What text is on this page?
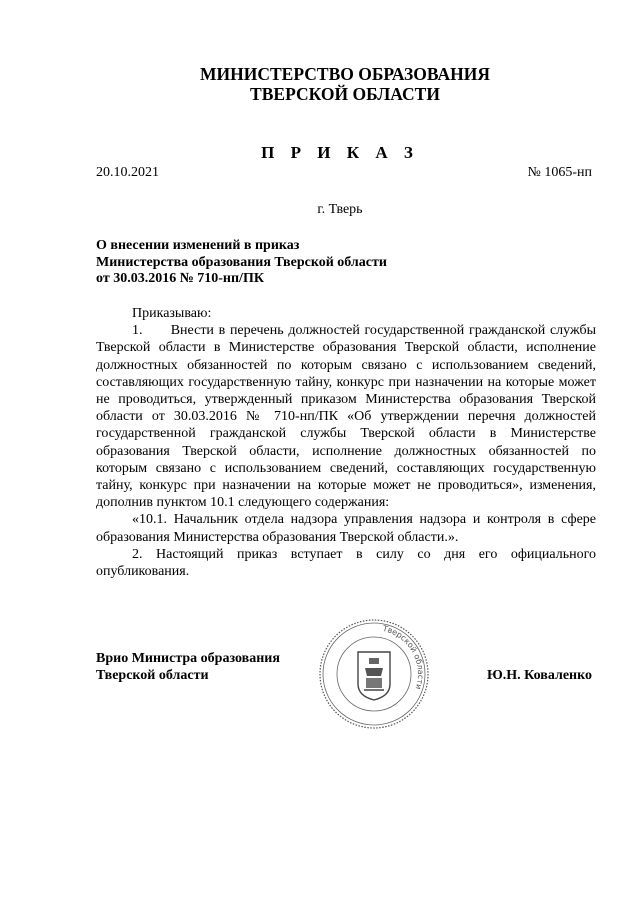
МИНИСТЕРСТВО ОБРАЗОВАНИЯ
ТВЕРСКОЙ ОБЛАСТИ
П Р И К А З
20.10.2021	№ 1065-нп
г. Тверь
О внесении изменений в приказ
Министерства образования Тверской области
от 30.03.2016 № 710-нп/ПК

Приказываю:

1.      Внести в перечень должностей государственной гражданской службы Тверской области в Министерстве образования Тверской области, исполнение должностных обязанностей по которым связано с использованием сведений, составляющих государственную тайну, конкурс при назначении на которые может не проводиться, утвержденный приказом Министерства образования Тверской области от 30.03.2016 № 710-нп/ПК «Об утверждении перечня должностей государственной гражданской службы Тверской области в Министерстве образования Тверской области, исполнение должностных обязанностей по которым связано с использованием сведений, составляющих государственную тайну, конкурс при назначении на которые может не проводиться», изменения, дополнив пунктом 10.1 следующего содержания:

«10.1. Начальник отдела надзора управления надзора и контроля в сфере образования Министерства образования Тверской области.».

2. Настоящий приказ вступает в силу со дня его официального опубликования.

Врио Министра образования
Тверской области
Тверской области
Ю.Н. Коваленко
